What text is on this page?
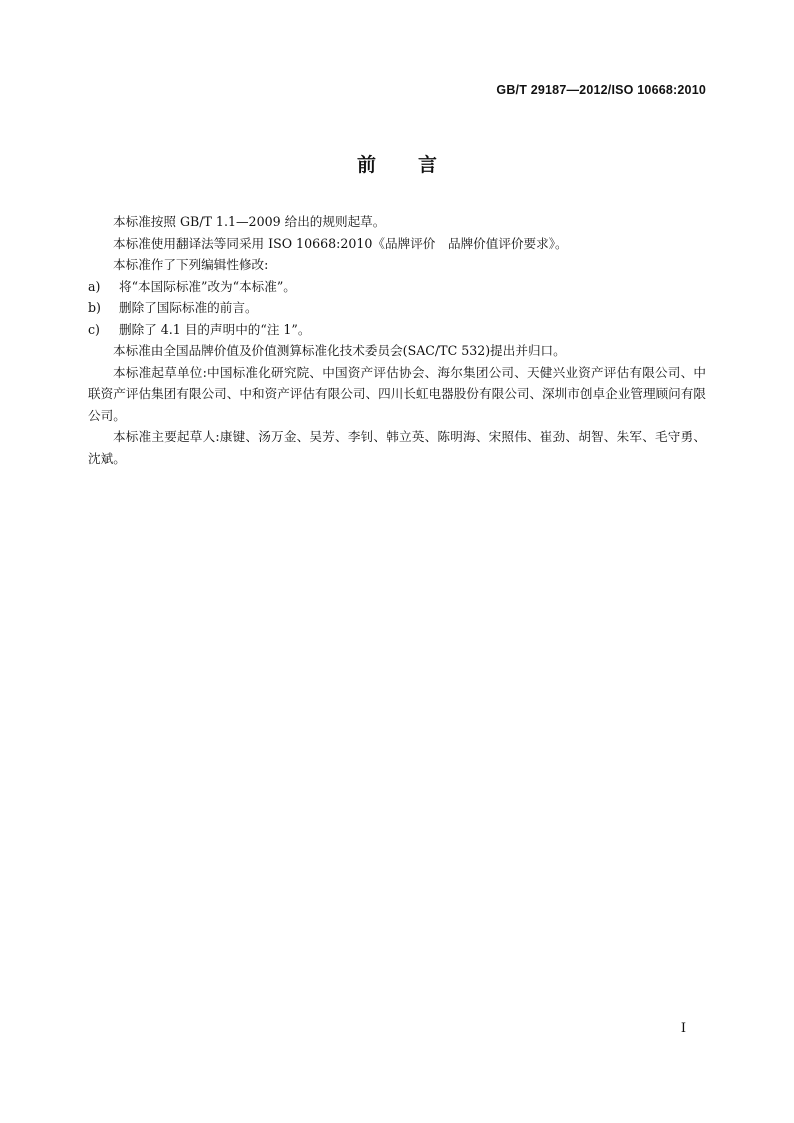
GB/T 29187—2012/ISO 10668:2010
前言

本标准按照 GB/T 1.1—2009 给出的规则起草。

本标准使用翻译法等同采用 ISO 10668:2010《品牌评价　品牌价值评价要求》。

本标准作了下列编辑性修改:

a)	将“本国际标准”改为“本标准”。
b)	删除了国际标准的前言。
c)	删除了 4.1 目的声明中的“注 1”。

本标准由全国品牌价值及价值测算标准化技术委员会(SAC/TC 532)提出并归口。

本标准起草单位:中国标准化研究院、中国资产评估协会、海尔集团公司、天健兴业资产评估有限公司、中联资产评估集团有限公司、中和资产评估有限公司、四川长虹电器股份有限公司、深圳市创卓企业管理顾问有限公司。

本标准主要起草人:康键、汤万金、吴芳、李钊、韩立英、陈明海、宋照伟、崔劲、胡智、朱军、毛守勇、沈斌。

I
